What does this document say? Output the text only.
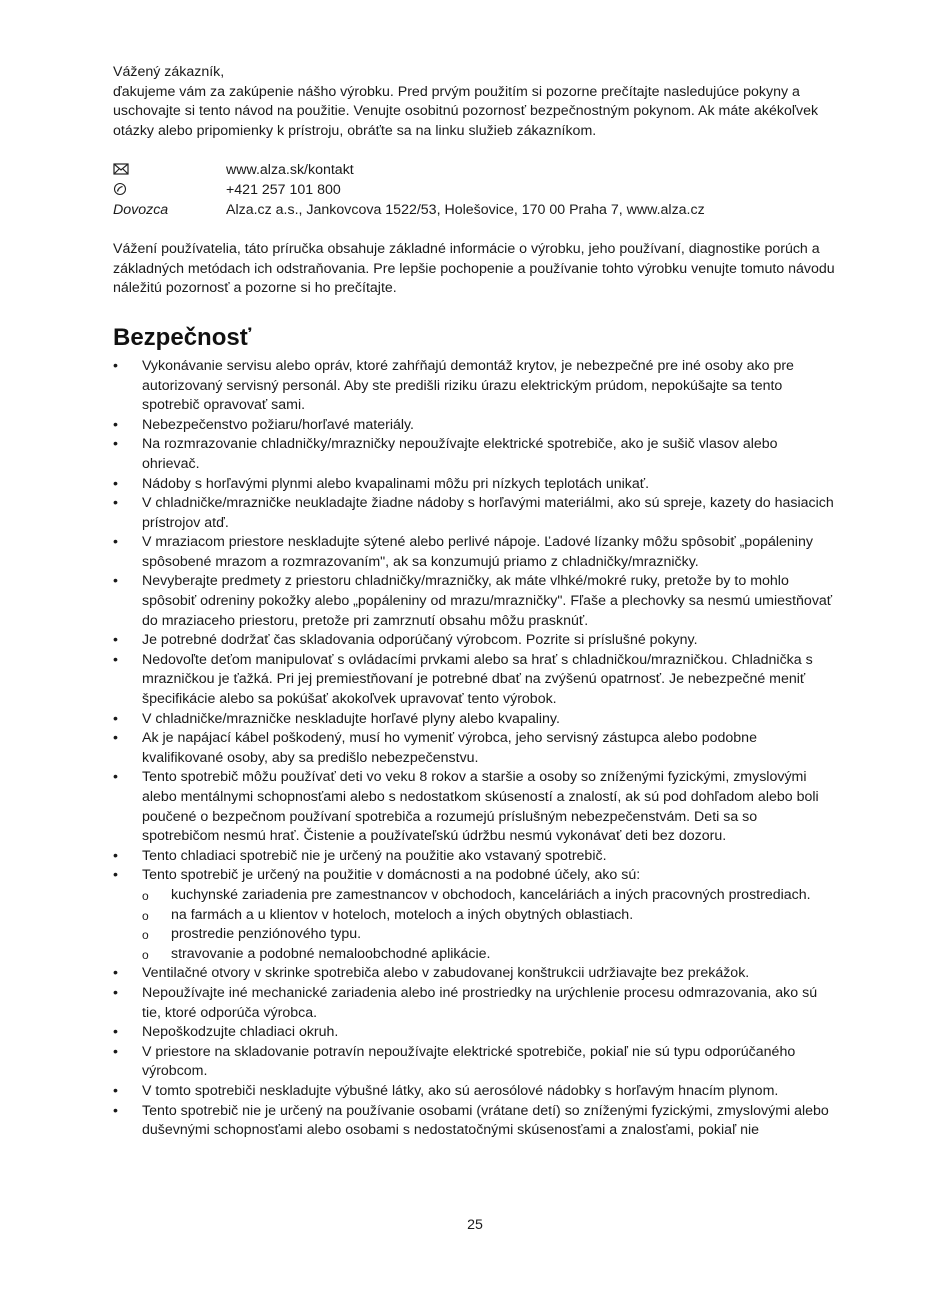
Vážený zákazník,

ďakujeme vám za zakúpenie nášho výrobku. Pred prvým použitím si pozorne prečítajte nasledujúce pokyny a uschovajte si tento návod na použitie. Venujte osobitnú pozornosť bezpečnostným pokynom. Ak máte akékoľvek otázky alebo pripomienky k prístroju, obráťte sa na linku služieb zákazníkom.

www.alza.sk/kontakt
+421 257 101 800
Dovozca	Alza.cz a.s., Jankovcova 1522/53, Holešovice, 170 00 Praha 7, www.alza.cz

Vážení používatelia, táto príručka obsahuje základné informácie o výrobku, jeho používaní, diagnostike porúch a základných metódach ich odstraňovania. Pre lepšie pochopenie a používanie tohto výrobku venujte tomuto návodu náležitú pozornosť a pozorne si ho prečítajte.

Bezpečnosť
• Vykonávanie servisu alebo opráv, ktoré zahŕňajú demontáž krytov, je nebezpečné pre iné osoby ako pre autorizovaný servisný personál. Aby ste predišli riziku úrazu elektrickým prúdom, nepokúšajte sa tento spotrebič opravovať sami.
• Nebezpečenstvo požiaru/horľavé materiály.
• Na rozmrazovanie chladničky/mrazničky nepoužívajte elektrické spotrebiče, ako je sušič vlasov alebo ohrievač.
• Nádoby s horľavými plynmi alebo kvapalinami môžu pri nízkych teplotách unikať.
• V chladničke/mrazničke neukladajte žiadne nádoby s horľavými materiálmi, ako sú spreje, kazety do hasiacich prístrojov atď.
• V mraziacom priestore neskladujte sýtené alebo perlivé nápoje. Ľadové lízanky môžu spôsobiť „popáleniny spôsobené mrazom a rozmrazovaním", ak sa konzumujú priamo z chladničky/mrazničky.
• Nevyberajte predmety z priestoru chladničky/mrazničky, ak máte vlhké/mokré ruky, pretože by to mohlo spôsobiť odreniny pokožky alebo „popáleniny od mrazu/mrazničky". Fľaše a plechovky sa nesmú umiestňovať do mraziaceho priestoru, pretože pri zamrznutí obsahu môžu prasknúť.
• Je potrebné dodržať čas skladovania odporúčaný výrobcom. Pozrite si príslušné pokyny.
• Nedovoľte deťom manipulovať s ovládacími prvkami alebo sa hrať s chladničkou/mrazničkou. Chladnička s mrazničkou je ťažká. Pri jej premiestňovaní je potrebné dbať na zvýšenú opatrnosť. Je nebezpečné meniť špecifikácie alebo sa pokúšať akokoľvek upravovať tento výrobok.
• V chladničke/mrazničke neskladujte horľavé plyny alebo kvapaliny.
• Ak je napájací kábel poškodený, musí ho vymeniť výrobca, jeho servisný zástupca alebo podobne kvalifikované osoby, aby sa predišlo nebezpečenstvu.
• Tento spotrebič môžu používať deti vo veku 8 rokov a staršie a osoby so zníženými fyzickými, zmyslovými alebo mentálnymi schopnosťami alebo s nedostatkom skúseností a znalostí, ak sú pod dohľadom alebo boli poučené o bezpečnom používaní spotrebiča a rozumejú príslušným nebezpečenstvám. Deti sa so spotrebičom nesmú hrať. Čistenie a používateľskú údržbu nesmú vykonávať deti bez dozoru.
• Tento chladiaci spotrebič nie je určený na použitie ako vstavaný spotrebič.
• Tento spotrebič je určený na použitie v domácnosti a na podobné účely, ako sú:
o kuchynské zariadenia pre zamestnancov v obchodoch, kanceláriách a iných pracovných prostrediach.
o na farmách a u klientov v hoteloch, moteloch a iných obytných oblastiach.
o prostredie penziónového typu.
o stravovanie a podobné nemaloobchodné aplikácie.
• Ventilačné otvory v skrinke spotrebiča alebo v zabudovanej konštrukcii udržiavajte bez prekážok.
• Nepoužívajte iné mechanické zariadenia alebo iné prostriedky na urýchlenie procesu odmrazovania, ako sú tie, ktoré odporúča výrobca.
• Nepoškodzujte chladiaci okruh.
• V priestore na skladovanie potravín nepoužívajte elektrické spotrebiče, pokiaľ nie sú typu odporúčaného výrobcom.
• V tomto spotrebiči neskladujte výbušné látky, ako sú aerosólové nádobky s horľavým hnacím plynom.
• Tento spotrebič nie je určený na používanie osobami (vrátane detí) so zníženými fyzickými, zmyslovými alebo duševnými schopnosťami alebo osobami s nedostatočnými skúsenosťami a znalosťami, pokiaľ nie
25
